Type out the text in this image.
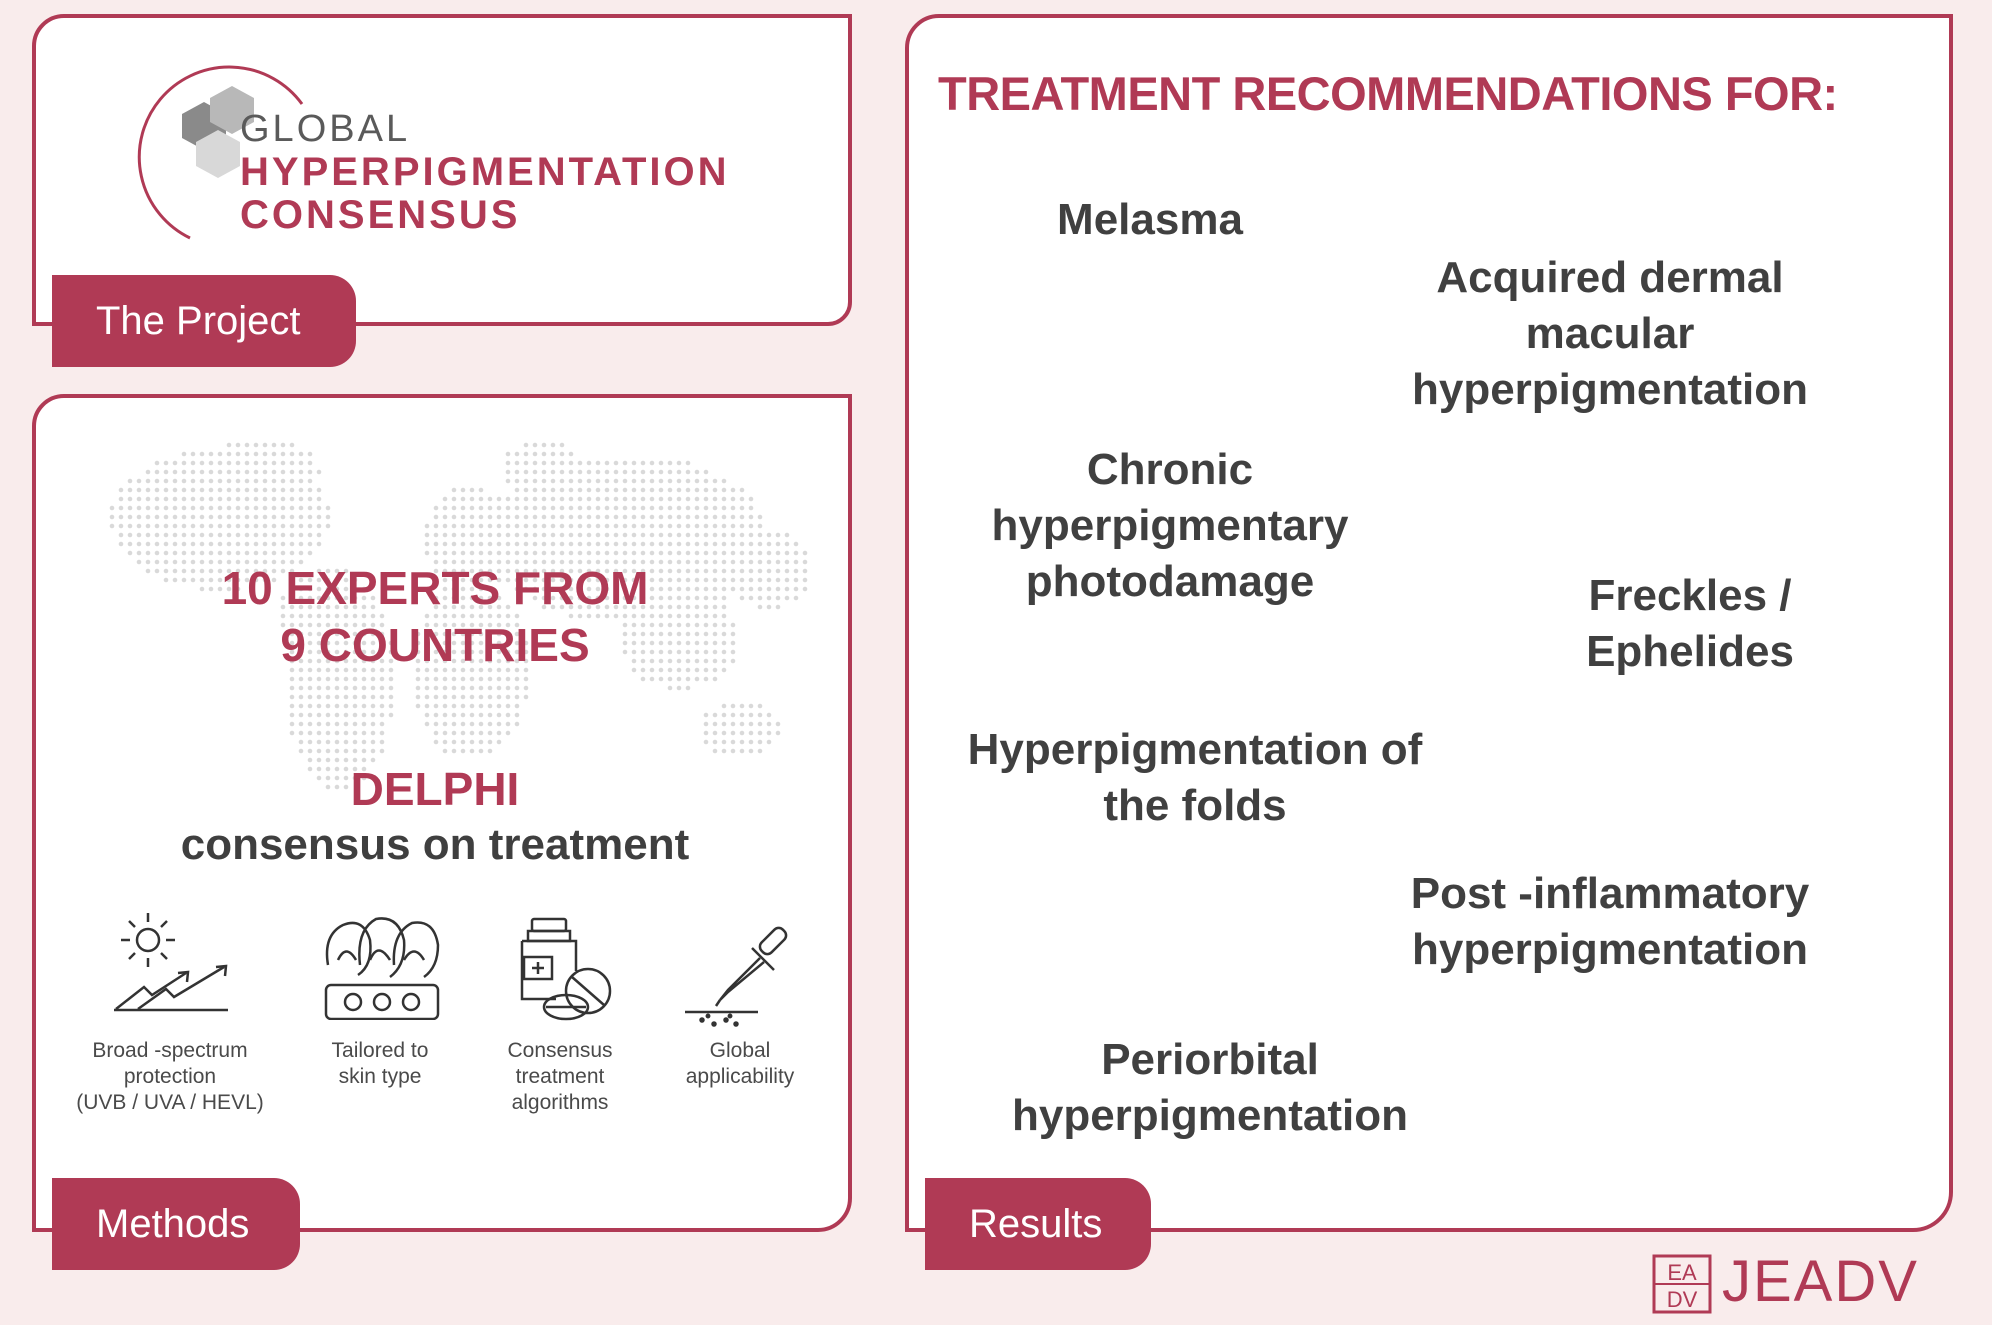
GLOBAL
HYPERPIGMENTATION
CONSENSUS
The Project
10 EXPERTS FROM
9 COUNTRIES
DELPHI
consensus on treatment
Broad -spectrum
protection
(UVB / UVA / HEVL)
Tailored to
skin type
Consensus
treatment
algorithms
Global
applicability
Methods
TREATMENT RECOMMENDATIONS FOR:
Melasma
Acquired dermal
macular
hyperpigmentation
Chronic
hyperpigmentary
photodamage	Freckles /
Ephelides
Hyperpigmentation of
the folds
Post -inflammatory
hyperpigmentation
Periorbital
hyperpigmentation
Results
EA
DV JEADV
